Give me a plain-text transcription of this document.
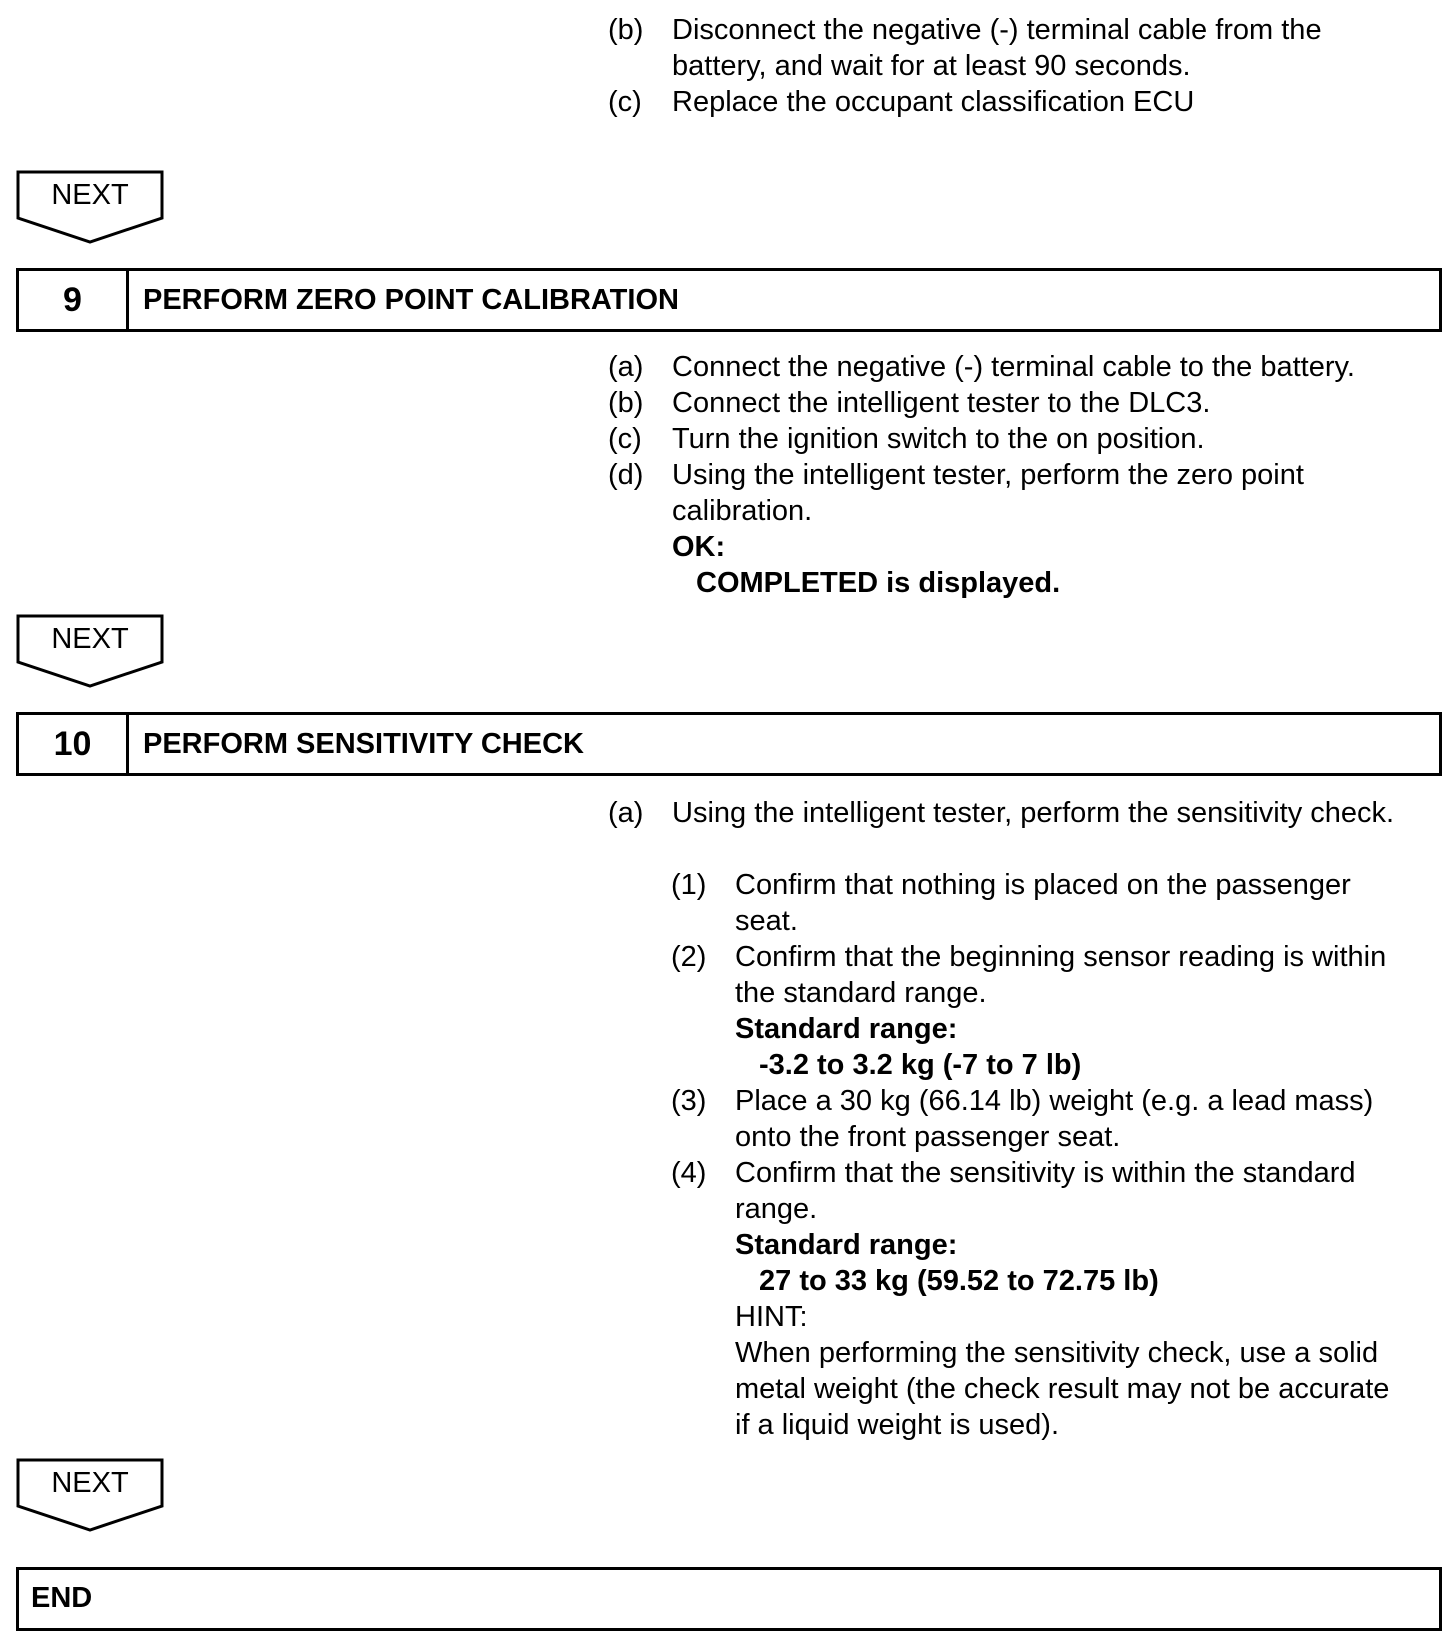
(b) Disconnect the negative (-) terminal cable from the
battery, and wait for at least 90 seconds.
(c) Replace the occupant classification ECU
NEXT
9	PERFORM ZERO POINT CALIBRATION
(a) Connect the negative (-) terminal cable to the battery.
(b) Connect the intelligent tester to the DLC3.
(c) Turn the ignition switch to the on position.
(d) Using the intelligent tester, perform the zero point
calibration.
OK:
COMPLETED is displayed.
NEXT
10	PERFORM SENSITIVITY CHECK
(a) Using the intelligent tester, perform the sensitivity check.
(1) Confirm that nothing is placed on the passenger
seat.
(2) Confirm that the beginning sensor reading is within
the standard range.
Standard range:
-3.2 to 3.2 kg (-7 to 7 lb)
(3) Place a 30 kg (66.14 lb) weight (e.g. a lead mass)
onto the front passenger seat.
(4) Confirm that the sensitivity is within the standard
range.
Standard range:
27 to 33 kg (59.52 to 72.75 lb)
HINT:
When performing the sensitivity check, use a solid
metal weight (the check result may not be accurate
if a liquid weight is used).
NEXT
END
